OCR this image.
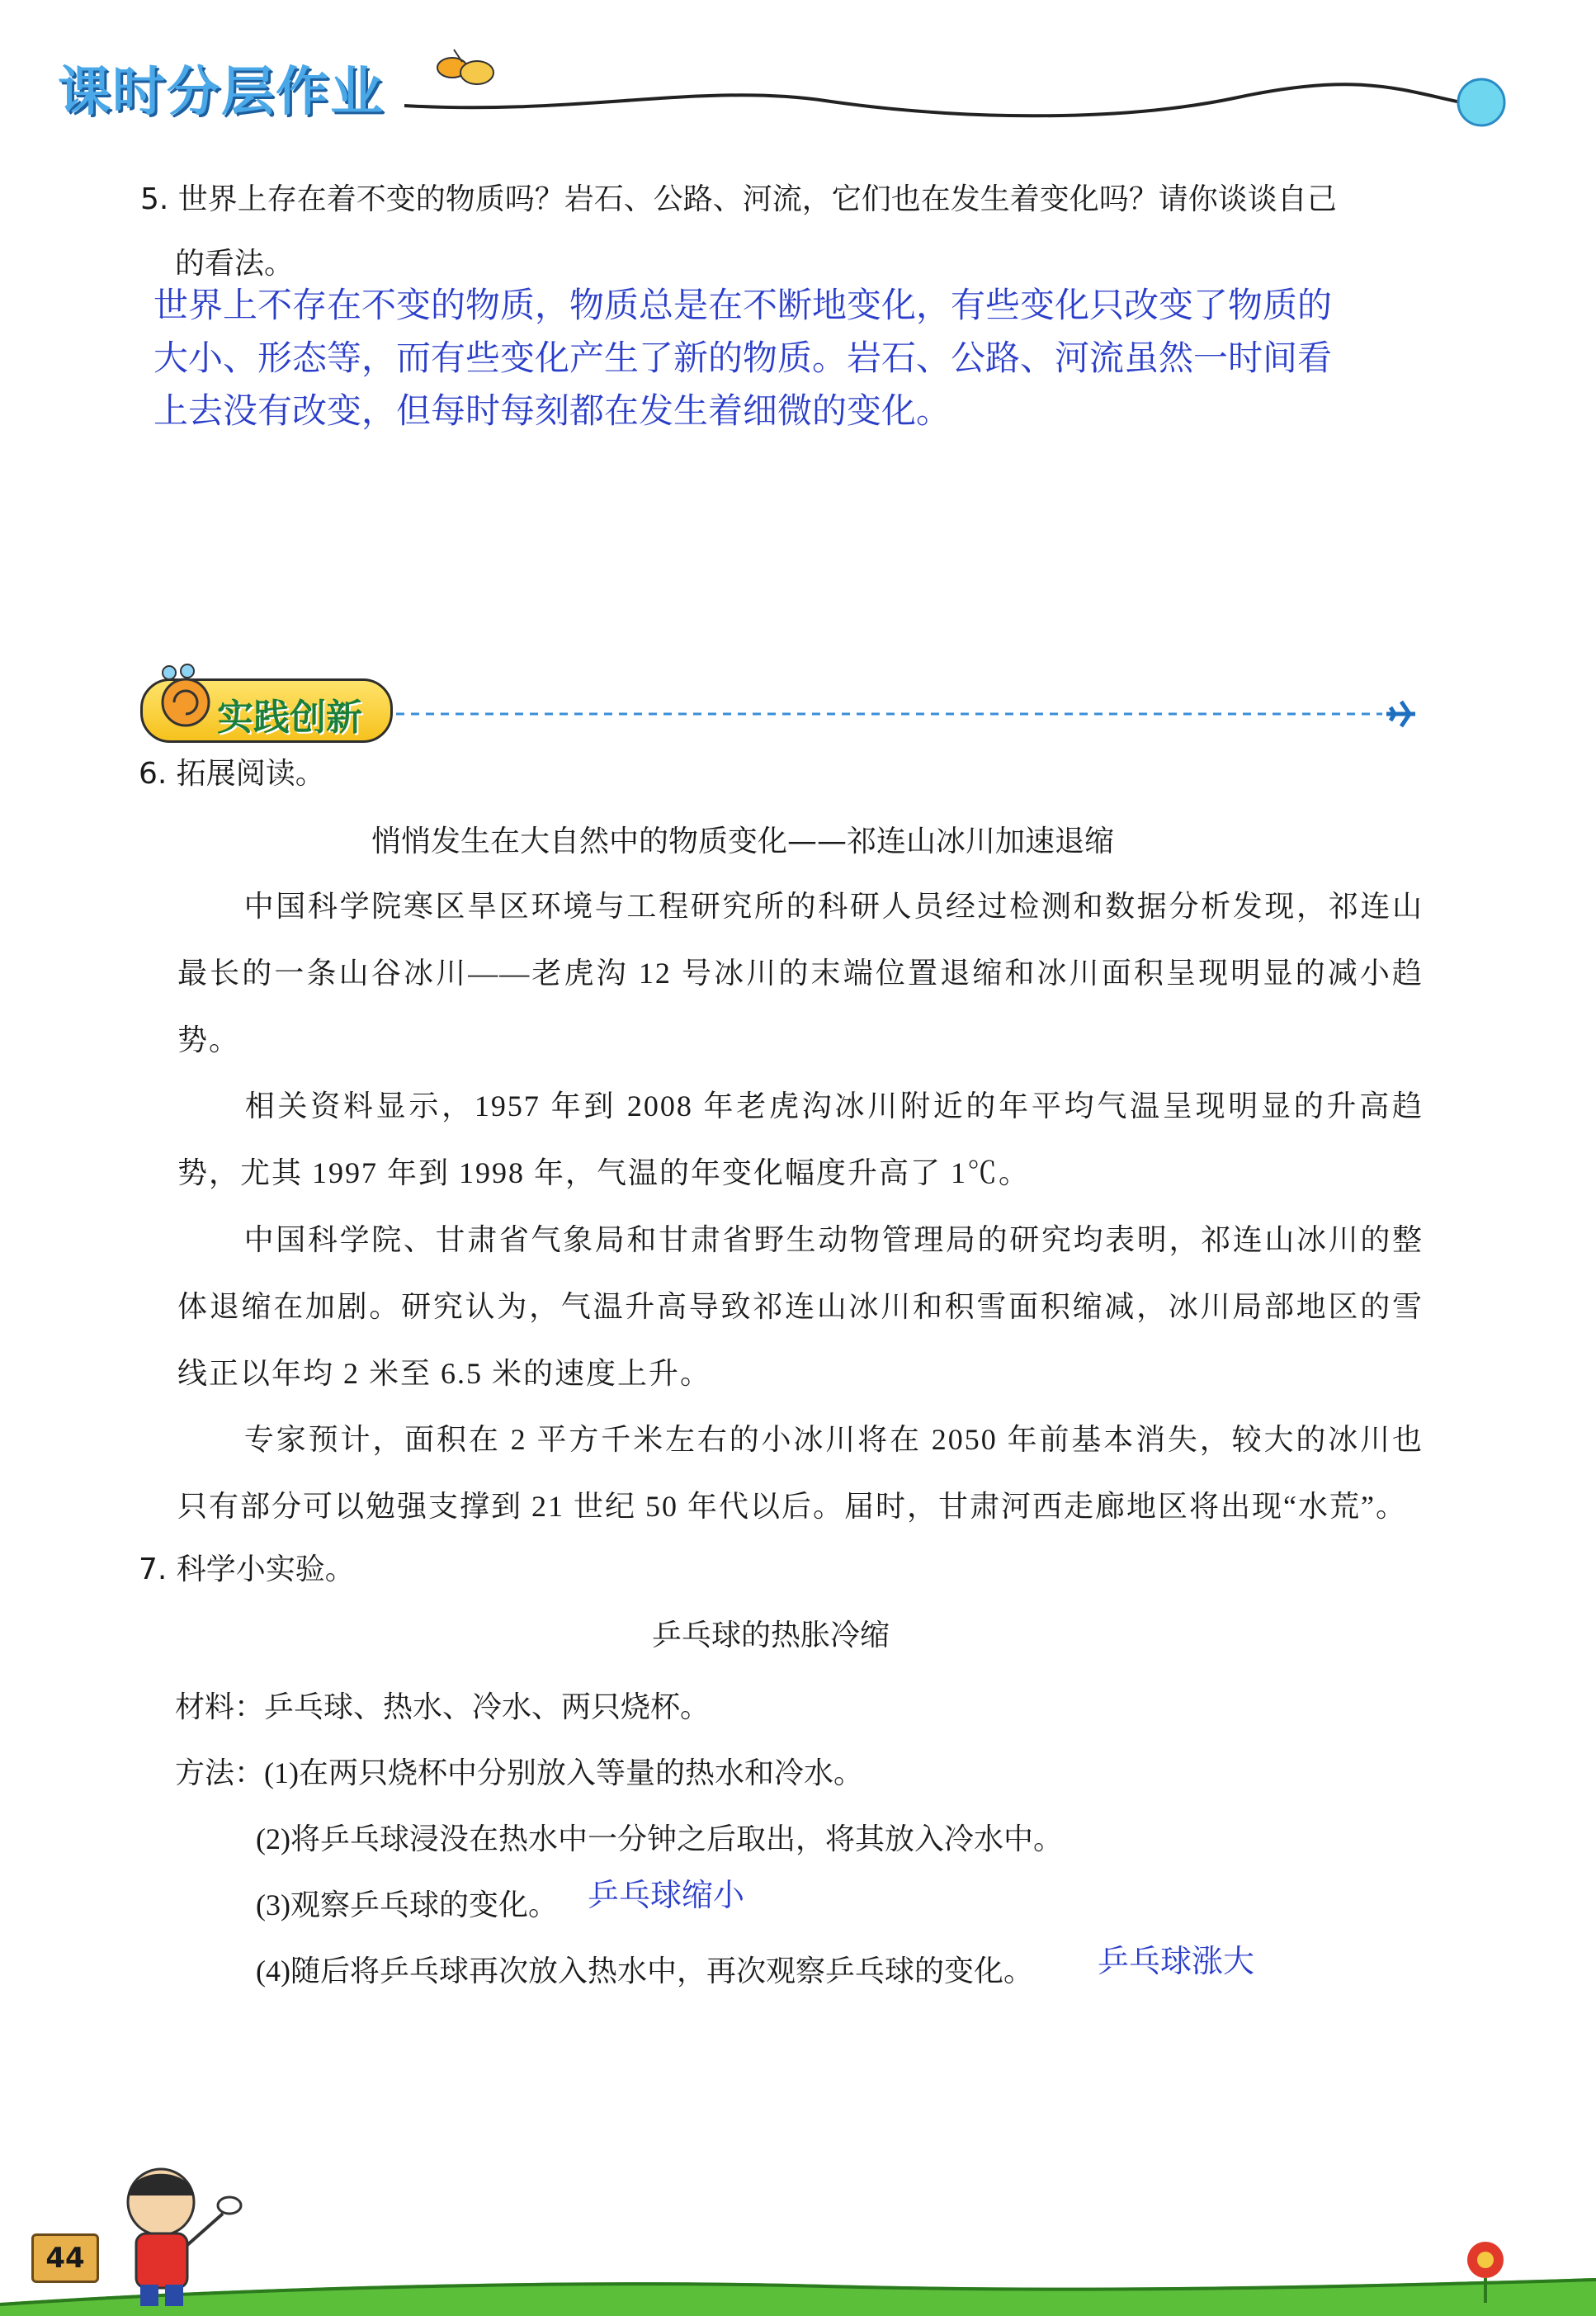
课时分层作业
5. 世界上存在着不变的物质吗？岩石、公路、河流，它们也在发生着变化吗？请你谈谈自己
的看法。
世界上不存在不变的物质，物质总是在不断地变化，有些变化只改变了物质的
大小、形态等，而有些变化产生了新的物质。岩石、公路、河流虽然一时间看
上去没有改变，但每时每刻都在发生着细微的变化。
实践创新
6. 拓展阅读。
悄悄发生在大自然中的物质变化——祁连山冰川加速退缩
中国科学院寒区旱区环境与工程研究所的科研人员经过检测和数据分析发现，祁连山最长的一条山谷冰川——老虎沟 12 号冰川的末端位置退缩和冰川面积呈现明显的减小趋势。
相关资料显示，1957 年到 2008 年老虎沟冰川附近的年平均气温呈现明显的升高趋势，尤其 1997 年到 1998 年，气温的年变化幅度升高了 1℃。
中国科学院、甘肃省气象局和甘肃省野生动物管理局的研究均表明，祁连山冰川的整体退缩在加剧。研究认为，气温升高导致祁连山冰川和积雪面积缩减，冰川局部地区的雪线正以年均 2 米至 6.5 米的速度上升。
专家预计，面积在 2 平方千米左右的小冰川将在 2050 年前基本消失，较大的冰川也只有部分可以勉强支撑到 21 世纪 50 年代以后。届时，甘肃河西走廊地区将出现“水荒”。
7. 科学小实验。
乒乓球的热胀冷缩
材料：乒乓球、热水、冷水、两只烧杯。
方法：(1)在两只烧杯中分别放入等量的热水和冷水。
(2)将乒乓球浸没在热水中一分钟之后取出，将其放入冷水中。
(3)观察乒乓球的变化。 乒乓球缩小
(4)随后将乒乓球再次放入热水中，再次观察乒乓球的变化。 乒乓球涨大
44
